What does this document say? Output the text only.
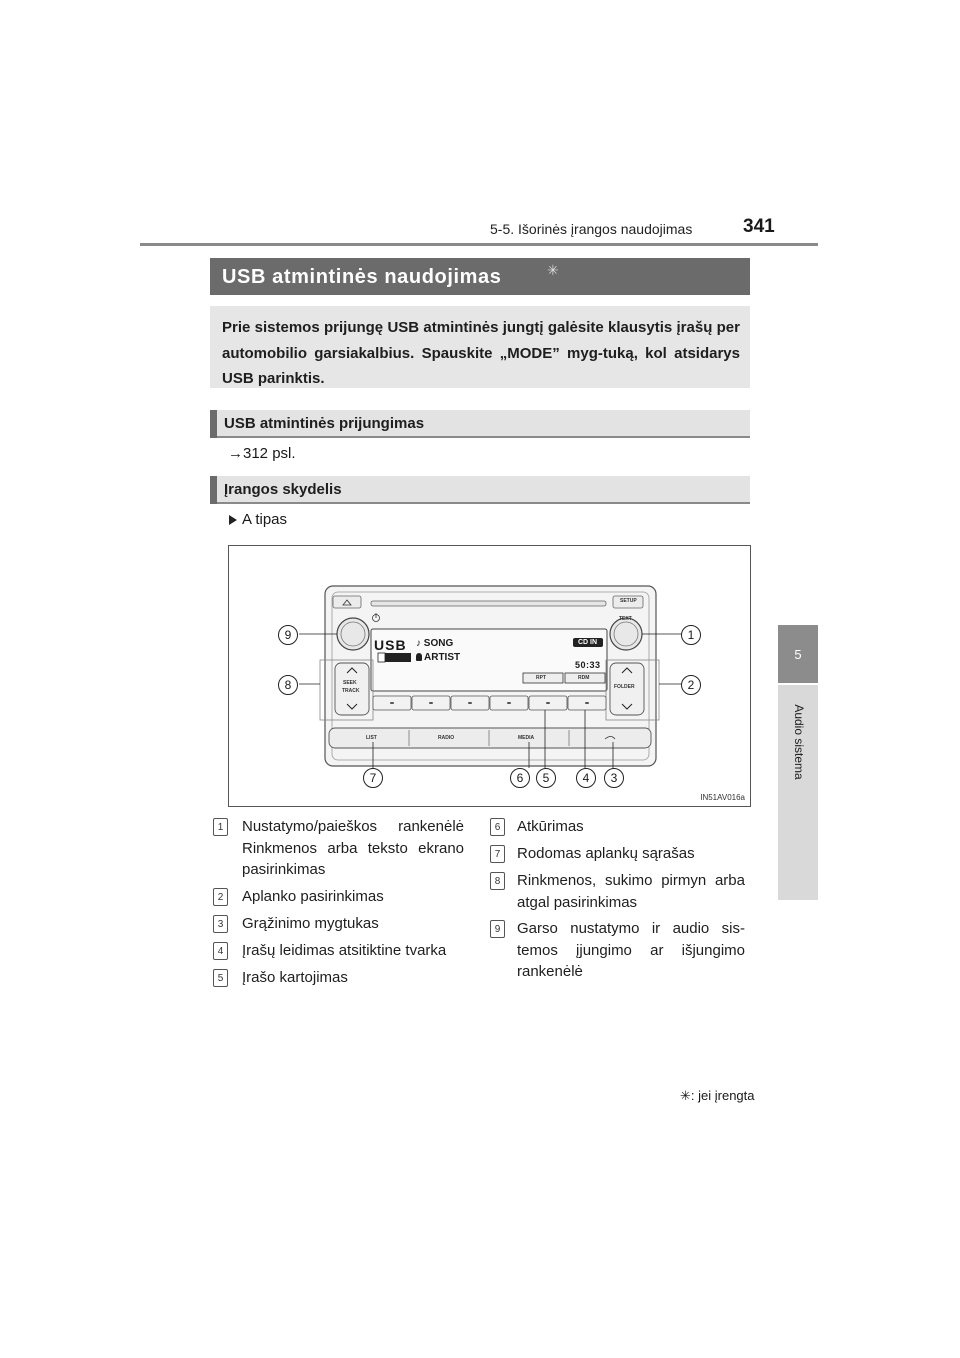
5-5. Išorinės įrangos naudojimas	341
5
Audio sistema
USB atmintinės naudojimas	✳
Prie sistemos prijungę USB atmintinės jungtį galėsite klausytis įrašų per automobilio garsiakalbius. Spauskite „MODE” myg-tuką, kol atsidarys USB parinktis.
USB atmintinės prijungimas
→312 psl.
Įrangos skydelis
A tipas
SETUP
TEXT
USB ♪ SONG
ARTIST
CD IN
50:33
RPT	RDM
SEEK
TRACK
FOLDER
LIST	RADIO	MEDIA
1
2
3
4
5
6
7
8
9
IN51AV016a
1	Nustatymo/paieškos rankenėlė Rinkmenos arba teksto ekrano pasirinkimas
2	Aplanko pasirinkimas
3	Grąžinimo mygtukas
4	Įrašų leidimas atsitiktine tvarka
5	Įrašo kartojimas
6	Atkūrimas
7	Rodomas aplankų sąrašas
8	Rinkmenos, sukimo pirmyn arba atgal pasirinkimas
9	Garso nustatymo ir audio sis-temos įjungimo ar išjungimo rankenėlė
✳: jei įrengta
